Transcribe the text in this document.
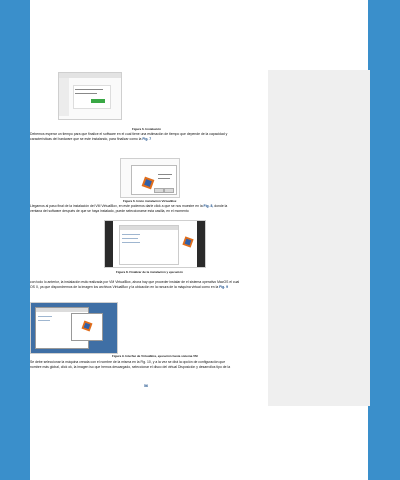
Figura 6. Instalación
Debemos esperar un tiempo para que finalice el software en el cual tiene una estimación de tiempo que depende de la capacidad y
características del hardware que se este instalando, para finalizar como la Fig. 7
Figura 6. Inicio instalación VirtualBox
Llegamos al paso final de la instalación del VM VirtualBox, en este podemos darle click a que se nos muestre en la Fig. 8, donde la
ventana del software después de que se haya instalado, puede seleccionarse esta casilla, en el momento
Figura 8. Finalizar de la instalación y ejecución
con todo lo anterior, la instalación está realizada por VM VirtualBox, ahora hay que proceder instalar de el sistema operativo MacOS el cual
OS X, ya que dispondremos de la imagen los archivos VirtualBox y la ubicación en la ranura de la máquina virtual como en la Fig. 9
Figura 9. Interfaz de VirtualBox, ejecución hasta sistema VM
Se debe seleccionar la máquina creada con el nombre de la misma en la Fig. 10, y a la vez se dirá la opción de configuración que
nombre más global, click ok, la imagen iso que hemos descargado, seleccionar el disco del virtual Disposición y desarrollos tipo de la
56
